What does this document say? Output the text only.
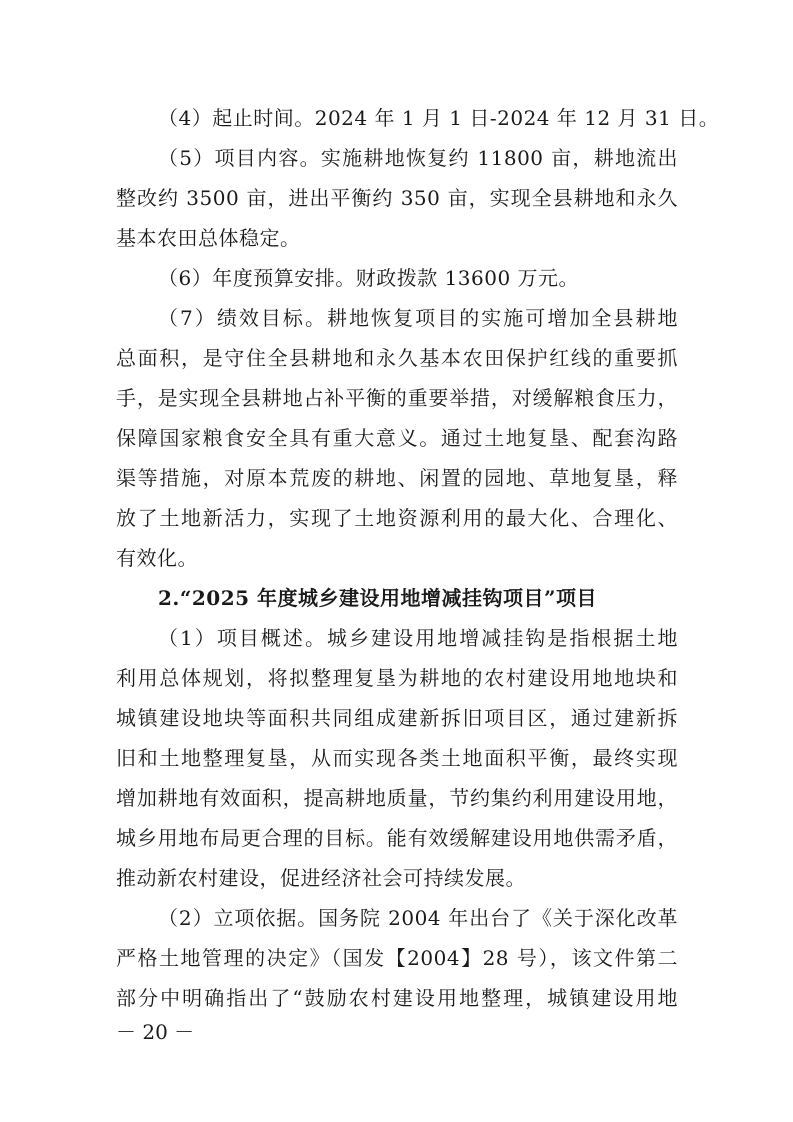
（4）起止时间。2024 年 1 月 1 日-2024 年 12 月 31 日。
（5）项目内容。实施耕地恢复约 11800 亩，耕地流出
整改约 3500 亩，进出平衡约 350 亩，实现全县耕地和永久
基本农田总体稳定。
（6）年度预算安排。财政拨款 13600 万元。
（7）绩效目标。耕地恢复项目的实施可增加全县耕地
总面积，是守住全县耕地和永久基本农田保护红线的重要抓
手，是实现全县耕地占补平衡的重要举措，对缓解粮食压力，
保障国家粮食安全具有重大意义。通过土地复垦、配套沟路
渠等措施，对原本荒废的耕地、闲置的园地、草地复垦，释
放了土地新活力，实现了土地资源利用的最大化、合理化、
有效化。
2.“2025 年度城乡建设用地增减挂钩项目”项目
（1）项目概述。城乡建设用地增减挂钩是指根据土地
利用总体规划，将拟整理复垦为耕地的农村建设用地地块和
城镇建设地块等面积共同组成建新拆旧项目区，通过建新拆
旧和土地整理复垦，从而实现各类土地面积平衡，最终实现
增加耕地有效面积，提高耕地质量，节约集约利用建设用地，
城乡用地布局更合理的目标。能有效缓解建设用地供需矛盾，
推动新农村建设，促进经济社会可持续发展。
（2）立项依据。国务院 2004 年出台了《关于深化改革
严格土地管理的决定》（国发【2004】28 号），该文件第二
部分中明确指出了“鼓励农村建设用地整理，城镇建设用地
－ 20 －
